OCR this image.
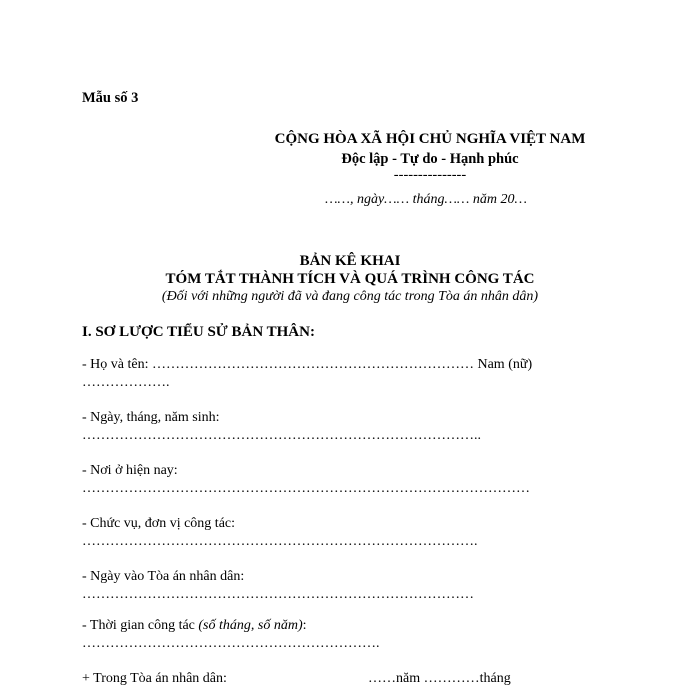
Mẫu số 3
CỘNG HÒA XÃ HỘI CHỦ NGHĨA VIỆT NAM
Độc lập - Tự do - Hạnh phúc
---------------
……, ngày…… tháng…… năm 20…
BẢN KÊ KHAI
TÓM TẮT THÀNH TÍCH VÀ QUÁ TRÌNH CÔNG TÁC
(Đối với những người đã và đang công tác trong Tòa án nhân dân)
I. SƠ LƯỢC TIỂU SỬ BẢN THÂN:
- Họ và tên: …………………………………………………………… Nam (nữ)
……………….
- Ngày, tháng, năm sinh:
…………………………………………………………………………..
- Nơi ở hiện nay:
……………………………………………………………………………………
- Chức vụ, đơn vị công tác:
………………………………………………………………………….
- Ngày vào Tòa án nhân dân:
…………………………………………………………………………
- Thời gian công tác (số tháng, số năm):
……………………………………………………….
+ Trong Tòa án nhân dân:	……năm …………tháng
